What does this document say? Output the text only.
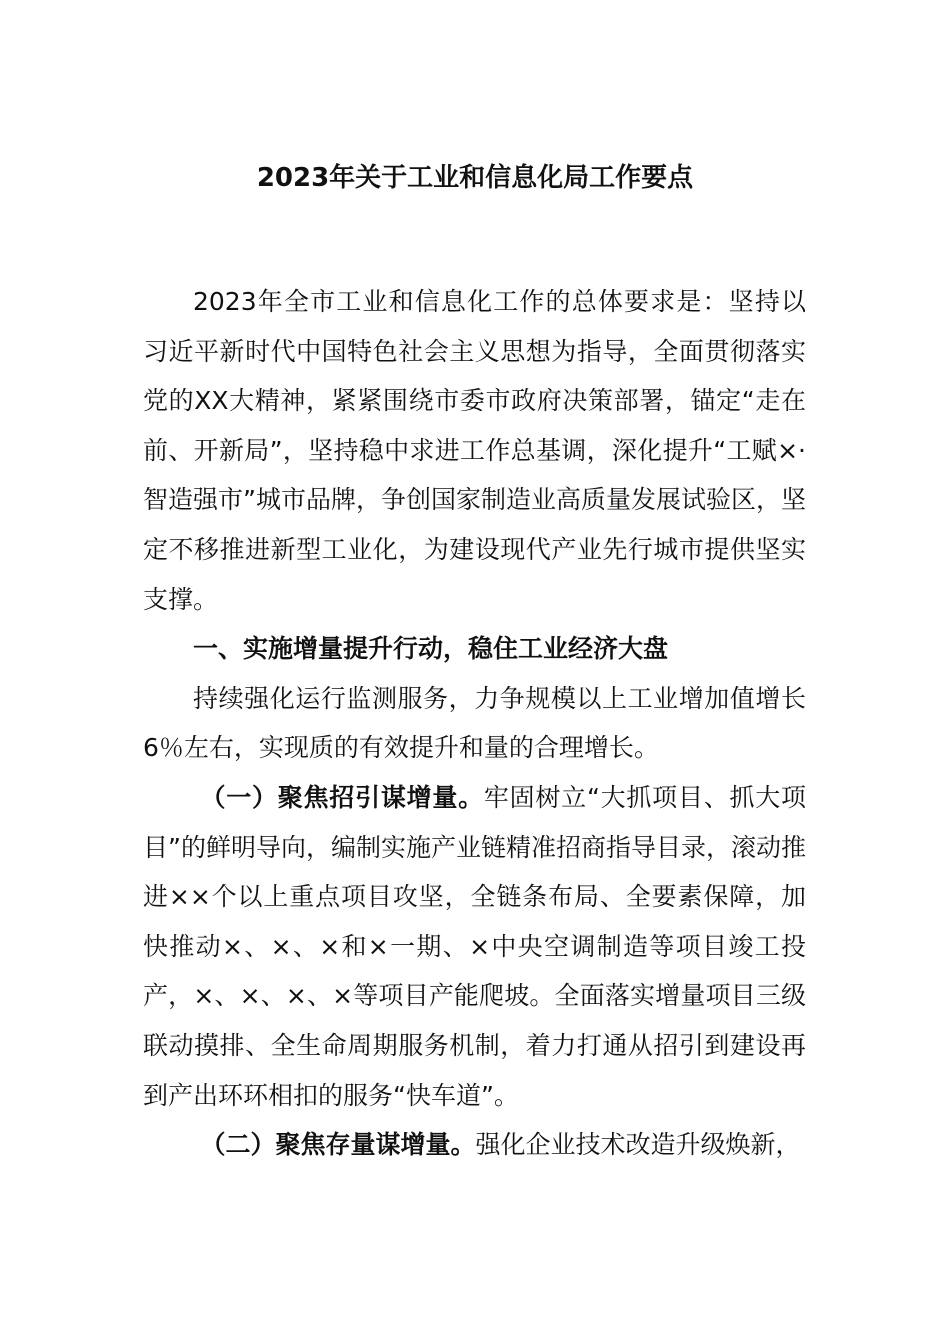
2023年关于工业和信息化局工作要点

2023年全市工业和信息化工作的总体要求是：坚持以习近平新时代中国特色社会主义思想为指导，全面贯彻落实党的XX大精神，紧紧围绕市委市政府决策部署，锚定“走在前、开新局”，坚持稳中求进工作总基调，深化提升“工赋×·智造强市”城市品牌，争创国家制造业高质量发展试验区，坚定不移推进新型工业化，为建设现代产业先行城市提供坚实支撑。

一、实施增量提升行动，稳住工业经济大盘

持续强化运行监测服务，力争规模以上工业增加值增长6％左右，实现质的有效提升和量的合理增长。

（一）聚焦招引谋增量。牢固树立“大抓项目、抓大项目”的鲜明导向，编制实施产业链精准招商指导目录，滚动推进××个以上重点项目攻坚，全链条布局、全要素保障，加快推动×、×、×和×一期、×中央空调制造等项目竣工投产，×、×、×、×等项目产能爬坡。全面落实增量项目三级联动摸排、全生命周期服务机制，着力打通从招引到建设再到产出环环相扣的服务“快车道”。

（二）聚焦存量谋增量。强化企业技术改造升级焕新，
